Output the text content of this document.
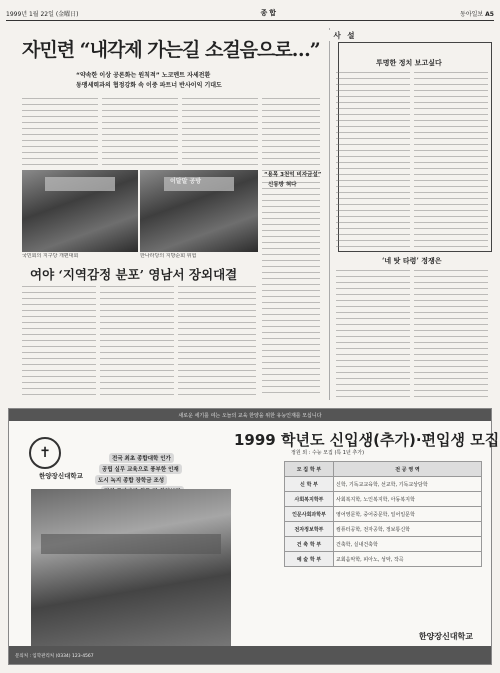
1999년 1월 22일 (金曜日)	종합	동아일보 A5
자민련 “내각제 가는길 소걸음으로…”
“약속한 이상 공론화는 원칙적” 노코멘트 자세전환
동맹세력과의 협정강화 속 이중 파트너 반사이익 기대도
이달말 공방
국민회의 지구당 개편대회	한나라당의 지방순회 위험
여야 ‘지역감정 분포’ 영남서 장외대결
“용목 3천억 비자금설”
신동방 혀다
사 설
투명한 정치 보고싶다
‘네 탓 타령’ 정쟁은
새로운 세기를 여는 오늘의 교육 한양을 위한 유능인재를 모십니다
✝
한양장신대학교
전국 최초 종합대학 인가
공립 실무 교육으로 풍부한 인재
도시 녹지 종합 장학금 조성
1999 학년도 신입생(추가)·편입생 모집
정원 외 : 수능 모집 (특 1년 추가)
모 집 학 부	전 공 영 역
신 학 부	신학, 기독교교육학, 선교학, 기독교상담학
사회복지학부	사회복지학, 노인복지학, 아동복지학
인문사회과학부	영어영문학, 중어중문학, 일어일문학
전자정보학부	컴퓨터공학, 전자공학, 정보통신학
건 축 학 부	건축학, 실내건축학
예 술 학 부	교회음악학, 피아노, 성악, 작곡
한양장신대학교
문의처 : 입학관리처 (0334) 123-4567
